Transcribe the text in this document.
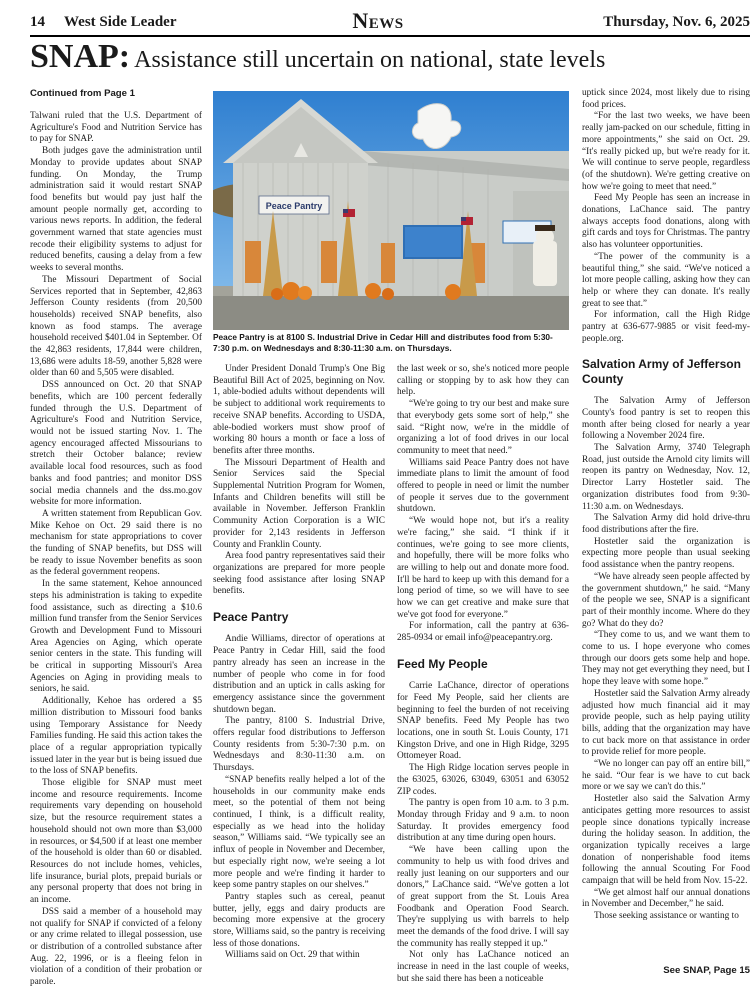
14 West Side Leader	News	Thursday, Nov. 6, 2025
SNAP: Assistance still uncertain on national, state levels

Continued from Page 1

Talwani ruled that the U.S. Department of Agriculture's Food and Nutrition Service has to pay for SNAP.

Both judges gave the administration until Monday to provide updates about SNAP funding. On Monday, the Trump administration said it would restart SNAP food benefits but would pay just half the amount people normally get, according to various news reports. In addition, the federal government warned that state agencies must recode their eligibility systems to adjust for reduced benefits, causing a delay from a few weeks to several months.

The Missouri Department of Social Services reported that in September, 42,863 Jefferson County residents (from 20,500 households) received SNAP benefits, also known as food stamps. The average household received $401.04 in September. Of the 42,863 residents, 17,844 were children, 13,686 were adults 18-59, another 5,828 were older than 60 and 5,505 were disabled.

DSS announced on Oct. 20 that SNAP benefits, which are 100 percent federally funded through the U.S. Department of Agriculture's Food and Nutrition Service, would not be issued starting Nov. 1. The agency encouraged affected Missourians to stretch their October balance; review available local food resources, such as food banks and food pantries; and monitor DSS social media channels and the dss.mo.gov website for more information.

A written statement from Republican Gov. Mike Kehoe on Oct. 29 said there is no mechanism for state appropriations to cover the funding of SNAP benefits, but DSS will be ready to issue November benefits as soon as the federal government reopens.

In the same statement, Kehoe announced steps his administration is taking to expedite food assistance, such as directing a $10.6 million fund transfer from the Senior Services Growth and Development Fund to Missouri Area Agencies on Aging, which operate senior centers in the state. This funding will be critical in supporting Missouri's Area Agencies on Aging in providing meals to seniors, he said.

Additionally, Kehoe has ordered a $5 million distribution to Missouri food banks using Temporary Assistance for Needy Families funding. He said this action takes the place of a regular appropriation typically issued later in the year but is being issued due to the loss of SNAP benefits.

Those eligible for SNAP must meet income and resource requirements. Income requirements vary depending on household size, but the resource requirement states a household should not own more than $3,000 in resources, or $4,500 if at least one member of the household is older than 60 or disabled. Resources do not include homes, vehicles, life insurance, burial plots, prepaid burials or any personal property that does not bring in an income.

DSS said a member of a household may not qualify for SNAP if convicted of a felony or any crime related to illegal possession, use or distribution of a controlled substance after Aug. 22, 1996, or is a fleeing felon in violation of a condition of their probation or parole.

Peace Pantry
Peace Pantry is at 8100 S. Industrial Drive in Cedar Hill and distributes food from 5:30-7:30 p.m. on Wednesdays and 8:30-11:30 a.m. on Thursdays.

Under President Donald Trump's One Big Beautiful Bill Act of 2025, beginning on Nov. 1, able-bodied adults without dependents will be subject to additional work requirements to receive SNAP benefits. According to USDA, able-bodied workers must show proof of working 80 hours a month or face a loss of benefits after three months.

The Missouri Department of Health and Senior Services said the Special Supplemental Nutrition Program for Women, Infants and Children benefits will still be available in November. Jefferson Franklin Community Action Corporation is a WIC provider for 2,143 residents in Jefferson County and Franklin County.

Area food pantry representatives said their organizations are prepared for more people seeking food assistance after losing SNAP benefits.

Peace Pantry

Andie Williams, director of operations at Peace Pantry in Cedar Hill, said the food pantry already has seen an increase in the number of people who come in for food distribution and an uptick in calls asking for emergency assistance since the government shutdown began.

The pantry, 8100 S. Industrial Drive, offers regular food distributions to Jefferson County residents from 5:30-7:30 p.m. on Wednesdays and 8:30-11:30 a.m. on Thursdays.

“SNAP benefits really helped a lot of the households in our community make ends meet, so the potential of them not being continued, I think, is a difficult reality, especially as we head into the holiday season,” Williams said. “We typically see an influx of people in November and December, but especially right now, we're seeing a lot more people and we're finding it harder to keep some pantry staples on our shelves.”

Pantry staples such as cereal, peanut butter, jelly, eggs and dairy products are becoming more expensive at the grocery store, Williams said, so the pantry is receiving less of those donations.

Williams said on Oct. 29 that within

the last week or so, she's noticed more people calling or stopping by to ask how they can help.

“We're going to try our best and make sure that everybody gets some sort of help,” she said. “Right now, we're in the middle of organizing a lot of food drives in our local community to meet that need.”

Williams said Peace Pantry does not have immediate plans to limit the amount of food offered to people in need or limit the number of people it serves due to the government shutdown.

“We would hope not, but it's a reality we're facing,” she said. “I think if it continues, we're going to see more clients, and hopefully, there will be more folks who are willing to help out and donate more food. It'll be hard to keep up with this demand for a long period of time, so we will have to see how we can get creative and make sure that we've got food for everyone.”

For information, call the pantry at 636-285-0934 or email info@peacepantry.org.

Feed My People

Carrie LaChance, director of operations for Feed My People, said her clients are beginning to feel the burden of not receiving SNAP benefits. Feed My People has two locations, one in south St. Louis County, 171 Kingston Drive, and one in High Ridge, 3295 Ottomeyer Road.

The High Ridge location serves people in the 63025, 63026, 63049, 63051 and 63052 ZIP codes.

The pantry is open from 10 a.m. to 3 p.m. Monday through Friday and 9 a.m. to noon Saturday. It provides emergency food distribution at any time during open hours.

“We have been calling upon the community to help us with food drives and really just leaning on our supporters and our donors,” LaChance said. “We've gotten a lot of great support from the St. Louis Area Foodbank and Operation Food Search. They're supplying us with barrels to help meet the demands of the food drive. I will say the community has really stepped it up.”

Not only has LaChance noticed an increase in need in the last couple of weeks, but she said there has been a noticeable

uptick since 2024, most likely due to rising food prices.

“For the last two weeks, we have been really jam-packed on our schedule, fitting in more appointments,” she said on Oct. 29. “It's really picked up, but we're ready for it. We will continue to serve people, regardless (of the shutdown). We're getting creative on how we're going to meet that need.”

Feed My People has seen an increase in donations, LaChance said. The pantry always accepts food donations, along with gift cards and toys for Christmas. The pantry also has volunteer opportunities.

“The power of the community is a beautiful thing,” she said. “We've noticed a lot more people calling, asking how they can help or where they can donate. It's really great to see that.”

For information, call the High Ridge pantry at 636-677-9885 or visit feed-my-people.org.

Salvation Army of Jefferson County

The Salvation Army of Jefferson County's food pantry is set to reopen this month after being closed for nearly a year following a November 2024 fire.

The Salvation Army, 3740 Telegraph Road, just outside the Arnold city limits will reopen its pantry on Wednesday, Nov. 12, Director Larry Hostetler said. The organization distributes food from 9:30-11:30 a.m. on Wednesdays.

The Salvation Army did hold drive-thru food distributions after the fire.

Hostetler said the organization is expecting more people than usual seeking food assistance when the pantry reopens.

“We have already seen people affected by the government shutdown,” he said. “Many of the people we see, SNAP is a significant part of their monthly income. Where do they go? What do they do?

“They come to us, and we want them to come to us. I hope everyone who comes through our doors gets some help and hope. They may not get everything they need, but I hope they leave with some hope.”

Hostetler said the Salvation Army already adjusted how much financial aid it may provide people, such as help paying utility bills, adding that the organization may have to cut back more on that assistance in order to provide relief for more people.

“We no longer can pay off an entire bill,” he said. “Our fear is we have to cut back more or we say we can't do this.”

Hostetler also said the Salvation Army anticipates getting more resources to assist people since donations typically increase during the holiday season. In addition, the organization typically receives a large donation of nonperishable food items following the annual Scouting For Food campaign that will be held from Nov. 15-22.

“We get almost half our annual donations in November and December,” he said.

Those seeking assistance or wanting to

See SNAP, Page 15
